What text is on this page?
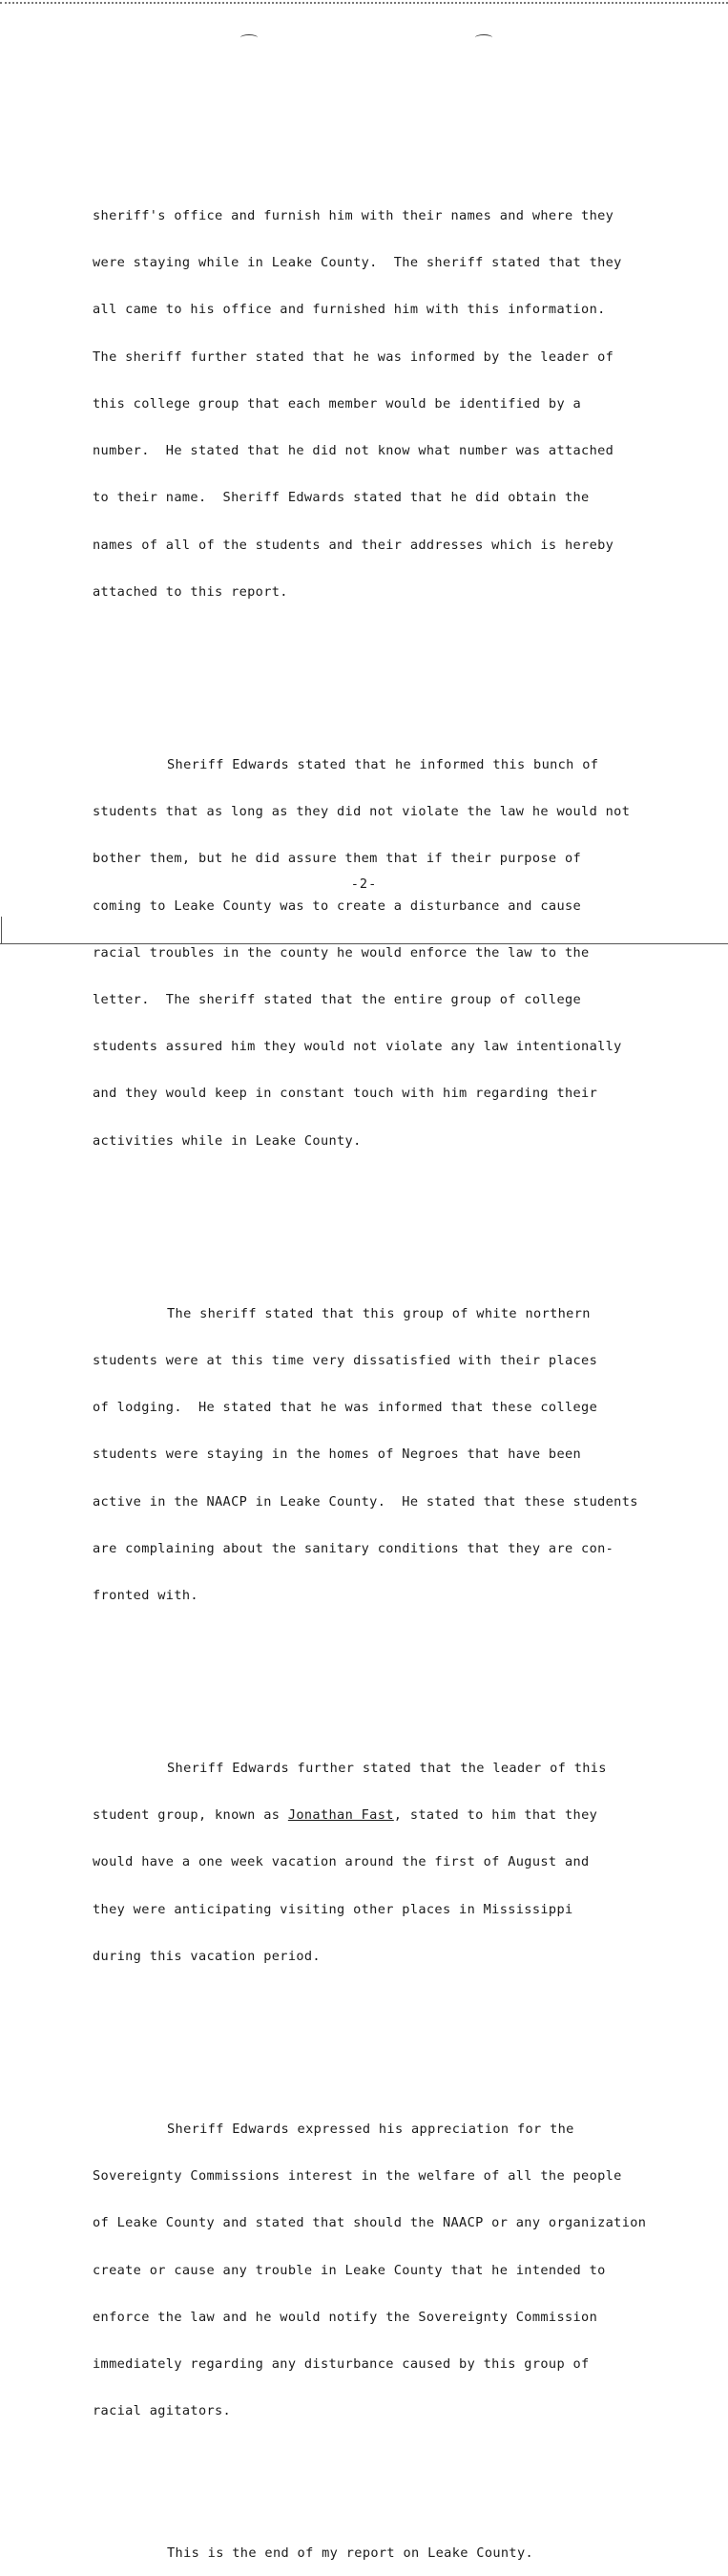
sheriff's office and furnish him with their names and where they

were staying while in Leake County.  The sheriff stated that they

all came to his office and furnished him with this information.

The sheriff further stated that he was informed by the leader of

this college group that each member would be identified by a

number.  He stated that he did not know what number was attached

to their name.  Sheriff Edwards stated that he did obtain the

names of all of the students and their addresses which is hereby

attached to this report.

Sheriff Edwards stated that he informed this bunch of

students that as long as they did not violate the law he would not

bother them, but he did assure them that if their purpose of

coming to Leake County was to create a disturbance and cause

racial troubles in the county he would enforce the law to the

letter.  The sheriff stated that the entire group of college

students assured him they would not violate any law intentionally

and they would keep in constant touch with him regarding their

activities while in Leake County.

The sheriff stated that this group of white northern

students were at this time very dissatisfied with their places

of lodging.  He stated that he was informed that these college

students were staying in the homes of Negroes that have been

active in the NAACP in Leake County.  He stated that these students

are complaining about the sanitary conditions that they are con-

fronted with.

Sheriff Edwards further stated that the leader of this

student group, known as Jonathan Fast, stated to him that they

would have a one week vacation around the first of August and

they were anticipating visiting other places in Mississippi

during this vacation period.

Sheriff Edwards expressed his appreciation for the

Sovereignty Commissions interest in the welfare of all the people

of Leake County and stated that should the NAACP or any organization

create or cause any trouble in Leake County that he intended to

enforce the law and he would notify the Sovereignty Commission

immediately regarding any disturbance caused by this group of

racial agitators.

This is the end of my report on Leake County.

-2-
